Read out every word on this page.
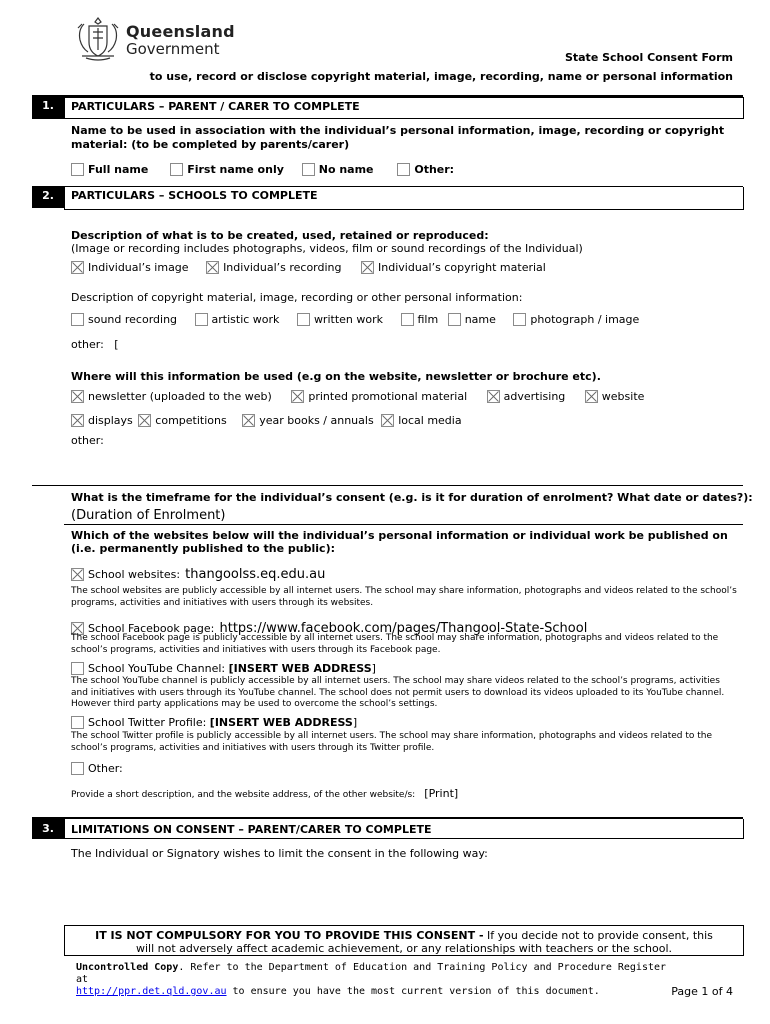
Queensland
Government	State School Consent Form
to use, record or disclose copyright material, image, recording, name or personal information
1.	PARTICULARS – PARENT / CARER TO COMPLETE
Name to be used in association with the individual’s personal information, image, recording or copyright material: (to be completed by parents/carer)
Full name	First name only	No name	Other:
2.	PARTICULARS – SCHOOLS TO COMPLETE
Description of what is to be created, used, retained or reproduced:
(Image or recording includes photographs, videos, film or sound recordings of the Individual)
Individual’s image	Individual’s recording	Individual’s copyright material
Description of copyright material, image, recording or other personal information:
sound recording	artistic work	written work	film name	photograph / image
other:   [
Where will this information be used (e.g on the website, newsletter or brochure etc).
newsletter (uploaded to the web)	printed promotional material	advertising	website
displays competitions	year books / annuals local media
other:
What is the timeframe for the individual’s consent (e.g. is it for duration of enrolment? What date or dates?):
(Duration of Enrolment)
Which of the websites below will the individual’s personal information or individual work be published on (i.e. permanently published to the public):
School websites: thangoolss.eq.edu.au
The school websites are publicly accessible by all internet users. The school may share information, photographs and videos related to the school’s programs, activities and initiatives with users through its websites.
School Facebook page: https://www.facebook.com/pages/Thangool-State-School
The school Facebook page is publicly accessible by all internet users. The school may share information, photographs and videos related to the school’s programs, activities and initiatives with users through its Facebook page.
School YouTube Channel: [INSERT WEB ADDRESS]
The school YouTube channel is publicly accessible by all internet users. The school may share videos related to the school’s programs, activities and initiatives with users through its YouTube channel. The school does not permit users to download its videos uploaded to its YouTube channel. However third party applications may be used to overcome the school’s settings.
School Twitter Profile: [INSERT WEB ADDRESS]
The school Twitter profile is publicly accessible by all internet users. The school may share information, photographs and videos related to the school’s programs, activities and initiatives with users through its Twitter profile.
Other:
Provide a short description, and the website address, of the other website/s: [Print]
3.	LIMITATIONS ON CONSENT – PARENT/CARER TO COMPLETE
The Individual or Signatory wishes to limit the consent in the following way:
IT IS NOT COMPULSORY FOR YOU TO PROVIDE THIS CONSENT - If you decide not to provide consent, this will not adversely affect academic achievement, or any relationships with teachers or the school.
Uncontrolled Copy. Refer to the Department of Education and Training Policy and Procedure Register at
http://ppr.det.qld.gov.au to ensure you have the most current version of this document.	Page 1 of 4
